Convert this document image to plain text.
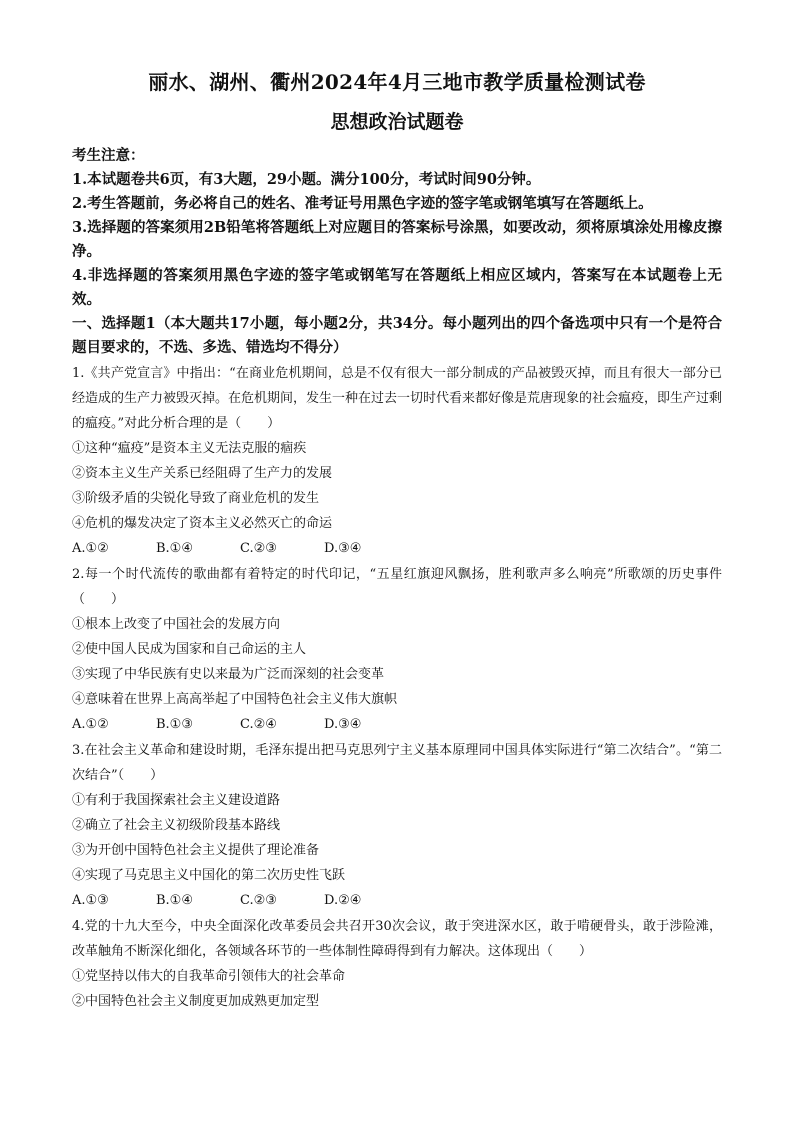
丽水、湖州、衢州2024年4月三地市教学质量检测试卷
思想政治试题卷
考生注意：
1.本试题卷共6页，有3大题，29小题。满分100分，考试时间90分钟。
2.考生答题前，务必将自己的姓名、准考证号用黑色字迹的签字笔或钢笔填写在答题纸上。
3.选择题的答案须用2B铅笔将答题纸上对应题目的答案标号涂黑，如要改动，须将原填涂处用橡皮擦净。
4.非选择题的答案须用黑色字迹的签字笔或钢笔写在答题纸上相应区域内，答案写在本试题卷上无效。
一、选择题1（本大题共17小题，每小题2分，共34分。每小题列出的四个备选项中只有一个是符合题目要求的，不选、多选、错选均不得分）
1.《共产党宣言》中指出：“在商业危机期间，总是不仅有很大一部分制成的产品被毁灭掉，而且有很大一部分已经造成的生产力被毁灭掉。在危机期间，发生一种在过去一切时代看来都好像是荒唐现象的社会瘟疫，即生产过剩的瘟疫。”对此分析合理的是（　　）
①这种“瘟疫”是资本主义无法克服的痼疾
②资本主义生产关系已经阻碍了生产力的发展
③阶级矛盾的尖锐化导致了商业危机的发生
④危机的爆发决定了资本主义必然灭亡的命运
A.①②	B.①④	C.②③	D.③④
2.每一个时代流传的歌曲都有着特定的时代印记，“五星红旗迎风飘扬，胜利歌声多么响亮”所歌颂的历史事件（　　）
①根本上改变了中国社会的发展方向
②使中国人民成为国家和自己命运的主人
③实现了中华民族有史以来最为广泛而深刻的社会变革
④意味着在世界上高高举起了中国特色社会主义伟大旗帜
A.①②	B.①③	C.②④	D.③④
3.在社会主义革命和建设时期，毛泽东提出把马克思列宁主义基本原理同中国具体实际进行“第二次结合”。“第二次结合”（　　）
①有利于我国探索社会主义建设道路
②确立了社会主义初级阶段基本路线
③为开创中国特色社会主义提供了理论准备
④实现了马克思主义中国化的第二次历史性飞跃
A.①③	B.①④	C.②③	D.②④
4.党的十九大至今，中央全面深化改革委员会共召开30次会议，敢于突进深水区，敢于啃硬骨头，敢于涉险滩，改革触角不断深化细化，各领域各环节的一些体制性障碍得到有力解决。这体现出（　　）
①党坚持以伟大的自我革命引领伟大的社会革命
②中国特色社会主义制度更加成熟更加定型
